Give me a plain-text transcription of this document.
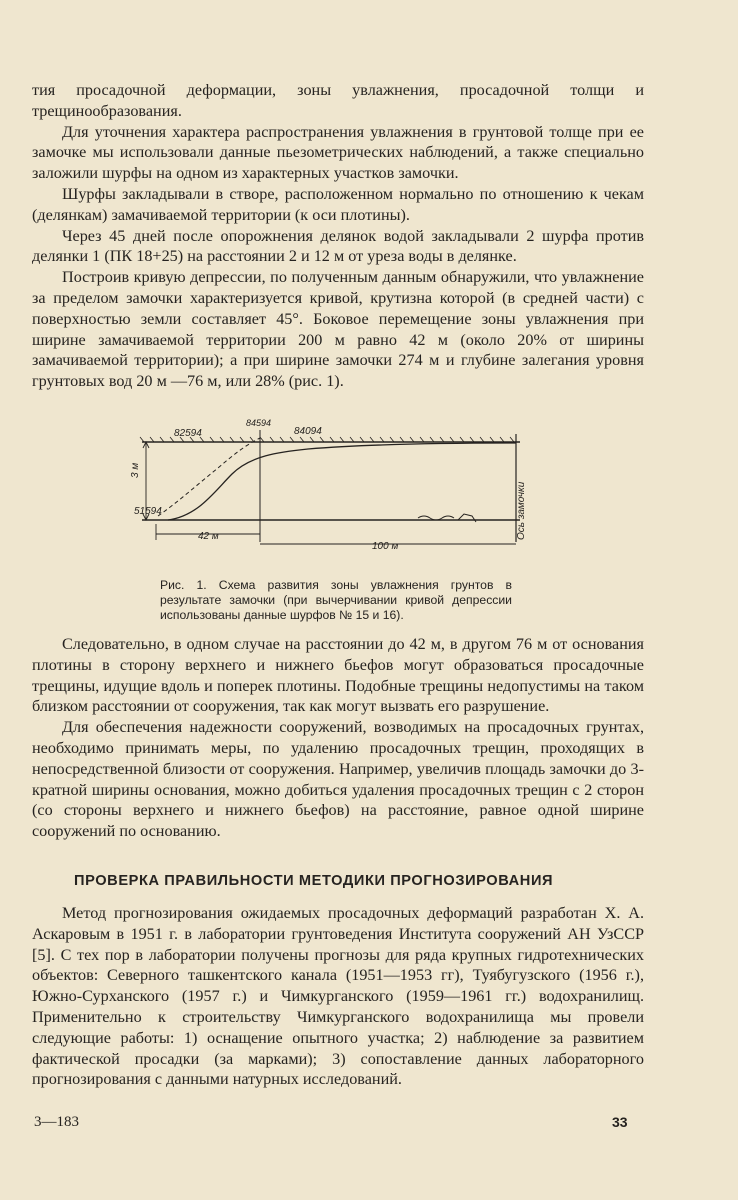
тия просадочной деформации, зоны увлажнения, просадочной толщи и трещинообразования.

Для уточнения характера распространения увлажнения в грунтовой толще при ее замочке мы использовали данные пьезометрических наблюдений, а также специально заложили шурфы на одном из характерных участков замочки.

Шурфы закладывали в створе, расположенном нормально по отношению к чекам (делянкам) замачиваемой территории (к оси плотины).

Через 45 дней после опорожнения делянок водой закладывали 2 шурфа против делянки 1 (ПК 18+25) на расстоянии 2 и 12 м от уреза воды в делянке.

Построив кривую депрессии, по полученным данным обнаружили, что увлажнение за пределом замочки характеризуется кривой, крутизна которой (в средней части) с поверхностью земли составляет 45°. Боковое перемещение зоны увлажнения при ширине замачиваемой территории 200 м равно 42 м (около 20% от ширины замачиваемой территории); а при ширине замочки 274 м и глубине залегания уровня грунтовых вод 20 м —76 м, или 28% (рис. 1).

82594
84594
84094
3 м
51594
42 м
100 м
Ось замочки
Рис. 1. Схема развития зоны увлажнения грунтов в результате замочки (при вычерчивании кривой депрессии использованы данные шурфов № 15 и 16).

Следовательно, в одном случае на расстоянии до 42 м, в другом 76 м от основания плотины в сторону верхнего и нижнего бьефов могут образоваться просадочные трещины, идущие вдоль и поперек плотины. Подобные трещины недопустимы на таком близком расстоянии от сооружения, так как могут вызвать его разрушение.

Для обеспечения надежности сооружений, возводимых на просадочных грунтах, необходимо принимать меры, по удалению просадочных трещин, проходящих в непосредственной близости от сооружения. Например, увеличив площадь замочки до 3-кратной ширины основания, можно добиться удаления просадочных трещин с 2 сторон (со стороны верхнего и нижнего бьефов) на расстояние, равное одной ширине сооружений по основанию.

ПРОВЕРКА ПРАВИЛЬНОСТИ МЕТОДИКИ ПРОГНОЗИРОВАНИЯ

Метод прогнозирования ожидаемых просадочных деформаций разработан Х. А. Аскаровым в 1951 г. в лаборатории грунтоведения Института сооружений АН УзССР [5]. С тех пор в лаборатории получены прогнозы для ряда крупных гидротехнических объектов: Северного ташкентского канала (1951—1953 гг), Туябугузского (1956 г.), Южно-Сурханского (1957 г.) и Чимкурганского (1959—1961 гг.) водохранилищ. Применительно к строительству Чимкурганского водохранилища мы провели следующие работы: 1) оснащение опытного участка; 2) наблюдение за развитием фактической просадки (за марками); 3) сопоставление данных лабораторного прогнозирования с данными натурных исследований.

3—183	33
